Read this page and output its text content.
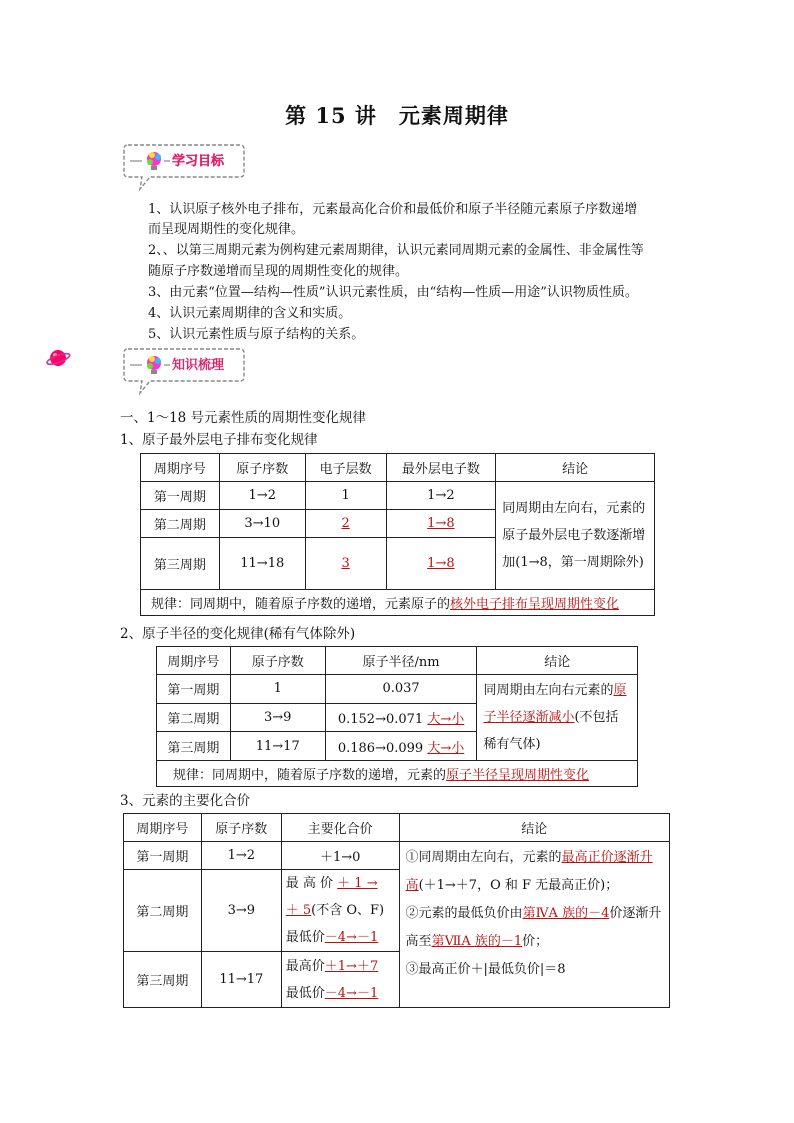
第 15 讲　元素周期律
学习目标
1、认识原子核外电子排布，元素最高化合价和最低价和原子半径随元素原子序数递增
而呈现周期性的变化规律。
2、、以第三周期元素为例构建元素周期律，认识元素同周期元素的金属性、非金属性等
随原子序数递增而呈现的周期性变化的规律。
3、由元素“位置—结构—性质”认识元素性质，由“结构—性质—用途”认识物质性质。
4、认识元素周期律的含义和实质。
5、认识元素性质与原子结构的关系。
知识梳理
一、1～18 号元素性质的周期性变化规律
1、原子最外层电子排布变化规律
周期序号	原子序数	电子层数	最外层电子数	结论
第一周期	1→2	1	1→2	同周期由左向右，元素的原子最外层电子数逐渐增加(1→8，第一周期除外)
第二周期	3→10	2	1→8	
第三周期	11→18	3	1→8	
规律：同周期中，随着原子序数的递增，元素原子的核外电子排布呈现周期性变化				
2、原子半径的变化规律(稀有气体除外)
周期序号	原子序数	原子半径/nm	结论
第一周期	1	0.037	同周期由左向右元素的原子半径逐渐减小(不包括稀有气体)
第二周期	3→9	0.152→0.071 大→小	
第三周期	11→17	0.186→0.099 大→小	
规律：同周期中，随着原子序数的递增，元素的原子半径呈现周期性变化			
3、元素的主要化合价
周期序号	原子序数	主要化合价	结论
第一周期	1→2	＋1→0	①同周期由左向右，元素的最高正价逐渐升高(＋1→＋7，O 和 F 无最高正价)；
②元素的最低负价由第ⅣA 族的－4价逐渐升高至第ⅦA 族的－1价；
③最高正价＋|最低负价|＝8

第二周期	3→9	最 高 价 ＋ 1 → ＋ 5(不含 O、F)
最低价－4→－1	
第三周期	11→17	最高价＋1→＋7
最低价－4→－1	
